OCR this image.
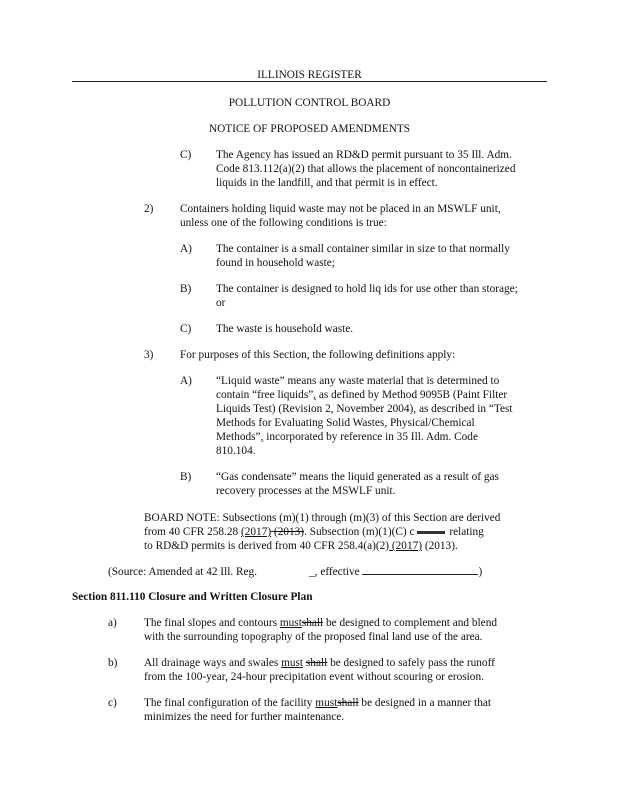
ILLINOIS REGISTER
POLLUTION CONTROL BOARD
NOTICE OF PROPOSED AMENDMENTS
C) The Agency has issued an RD&D permit pursuant to 35 Ill. Adm.
Code 813.112(a)(2) that allows the placement of noncontainerized
liquids in the landfill, and that permit is in effect.
2) Containers holding liquid waste may not be placed in an MSWLF unit,
unless one of the following conditions is true:
A) The container is a small container similar in size to that normally
found in household waste;
B) The container is designed to hold liq ids for use other than storage;
or
C) The waste is household waste.
3) For purposes of this Section, the following definitions apply:
A) “Liquid waste” means any waste material that is determined to
contain “free liquids”, as defined by Method 9095B (Paint Filter
Liquids Test) (Revision 2, November 2004), as described in “Test
Methods for Evaluating Solid Wastes, Physical/Chemical
Methods”, incorporated by reference in 35 Ill. Adm. Code
810.104.
B) “Gas condensate” means the liquid generated as a result of gas
recovery processes at the MSWLF unit.
BOARD NOTE: Subsections (m)(1) through (m)(3) of this Section are derived
from 40 CFR 258.28 (2017) (2013). Subsection (m)(1)(C) c	relating
to RD&D permits is derived from 40 CFR 258.4(a)(2) (2017) (2013).
(Source: Amended at 42 Ill. Reg.	_, effective	)
Section 811.110 Closure and Written Closure Plan
a) The final slopes and contours mustshall be designed to complement and blend
with the surrounding topography of the proposed final land use of the area.
b) All drainage ways and swales must shall be designed to safely pass the runoff
from the 100-year, 24-hour precipitation event without scouring or erosion.
c) The final configuration of the facility mustshall be designed in a manner that
minimizes the need for further maintenance.
